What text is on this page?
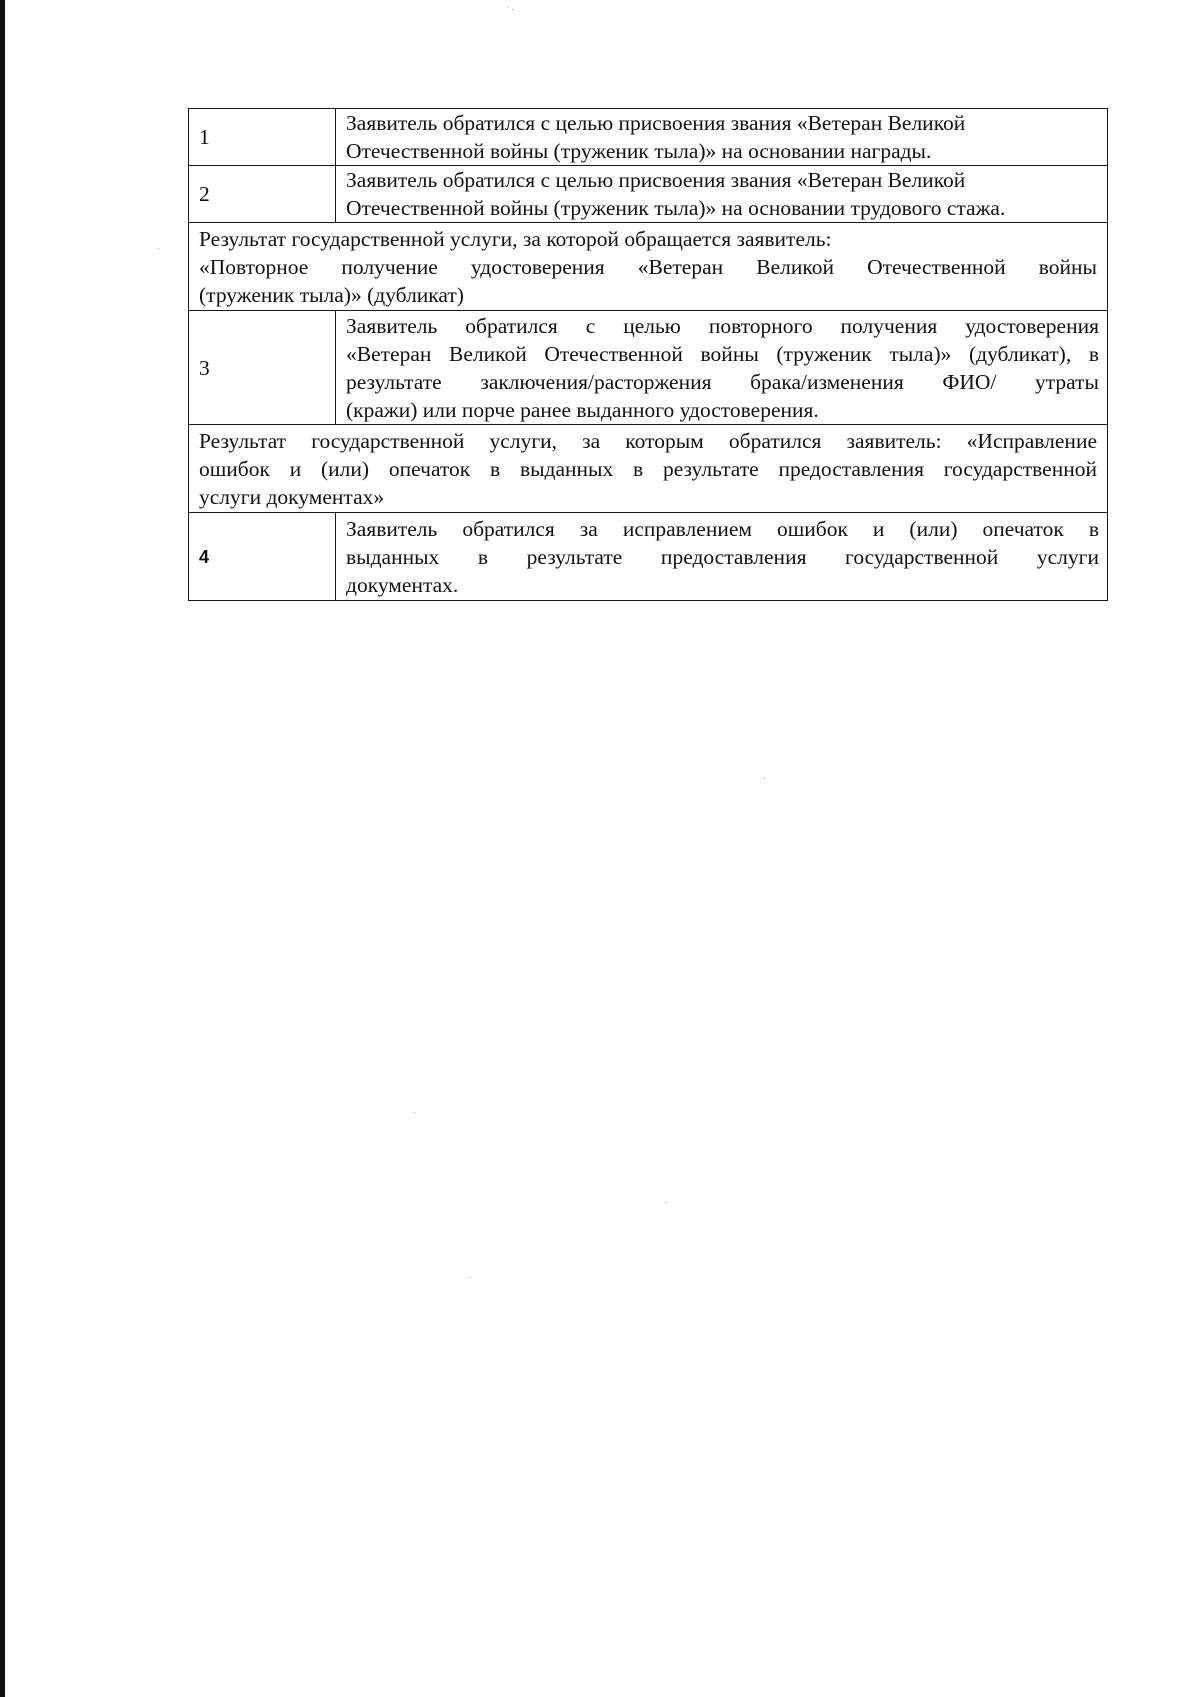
1	Заявитель обратился с целью присвоения звания «Ветеран Великой
Отечественной войны (труженик тыла)» на основании награды.

2	Заявитель обратился с целью присвоения звания «Ветеран Великой
Отечественной войны (труженик тыла)» на основании трудового стажа.

Результат государственной услуги, за которой обращается заявитель:
«Повторное получение удостоверения «Ветеран Великой Отечественной войны
(труженик тыла)» (дубликат)	

3	Заявитель обратился с целью повторного получения удостоверения
«Ветеран Великой Отечественной войны (труженик тыла)» (дубликат), в
результате заключения/расторжения брака/изменения ФИО/ утраты
(кражи) или порче ранее выданного удостоверения.

Результат государственной услуги, за которым обратился заявитель: «Исправление
ошибок и (или) опечаток в выданных в результате предоставления государственной
услуги документах»	

4	Заявитель обратился за исправлением ошибок и (или) опечаток в
выданных в результате предоставления государственной услуги
документах.
